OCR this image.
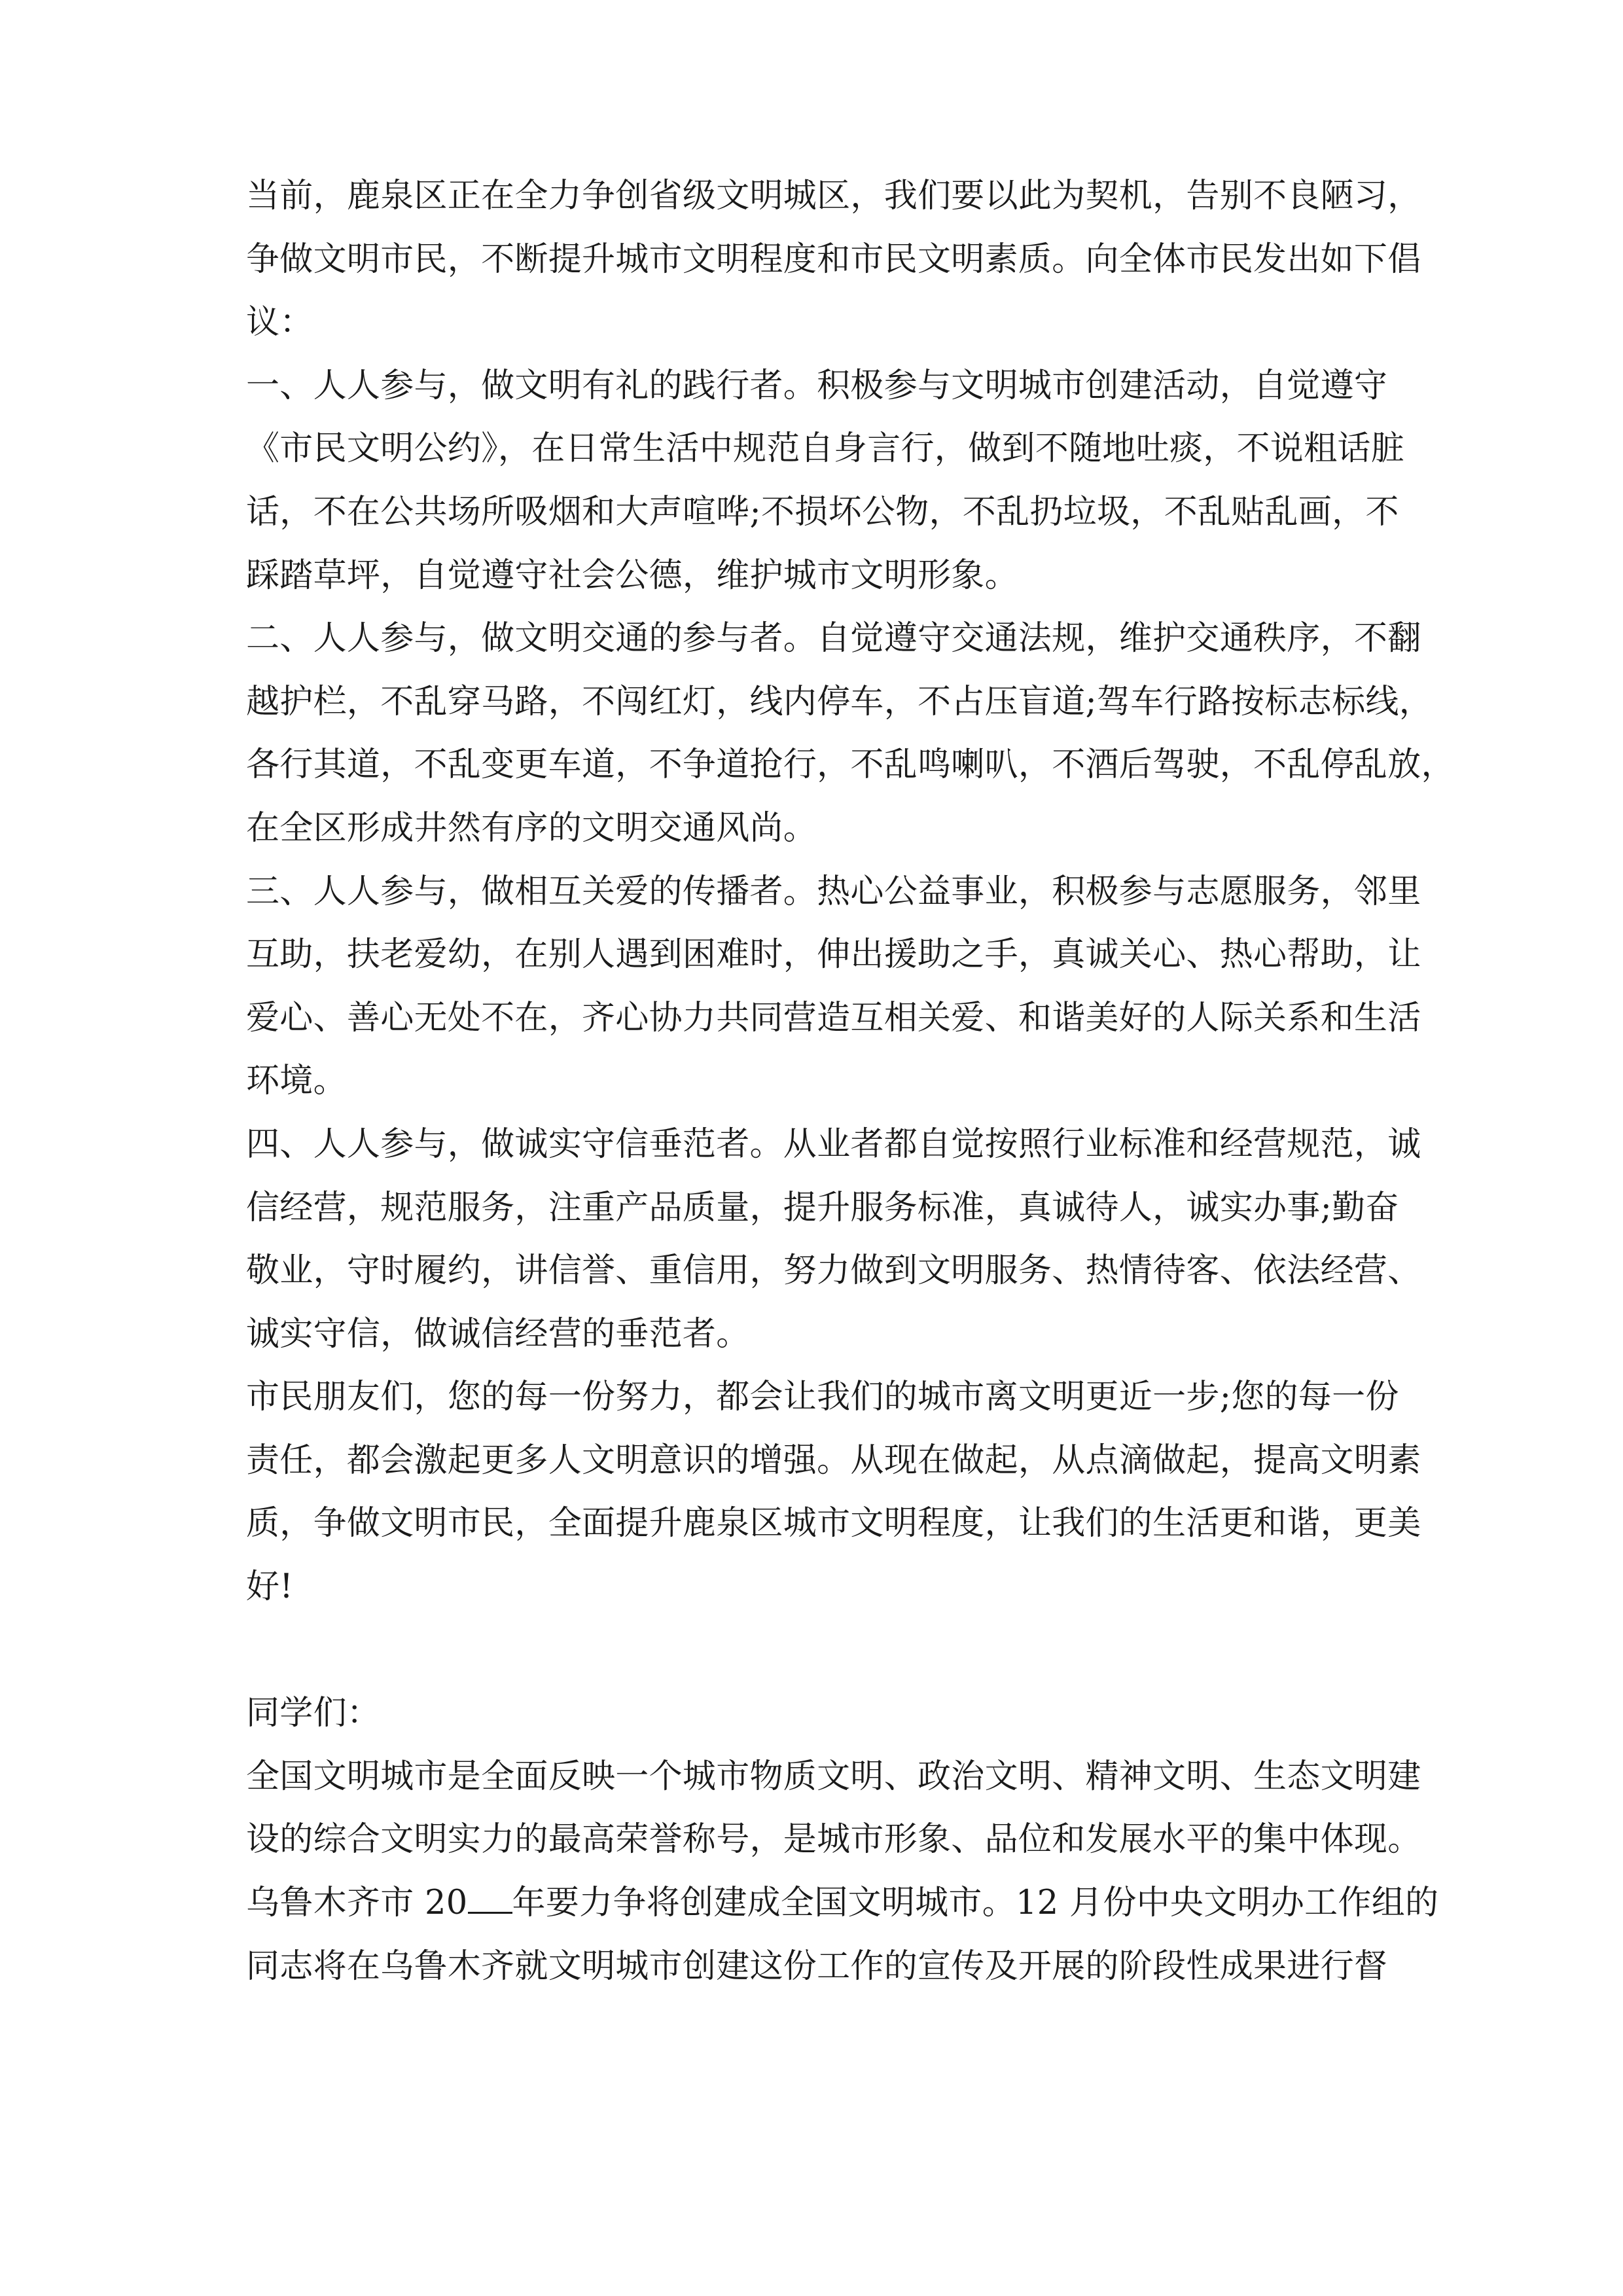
当前，鹿泉区正在全力争创省级文明城区，我们要以此为契机，告别不良陋习，
争做文明市民，不断提升城市文明程度和市民文明素质。向全体市民发出如下倡
议：
一、人人参与，做文明有礼的践行者。积极参与文明城市创建活动，自觉遵守
《市民文明公约》，在日常生活中规范自身言行，做到不随地吐痰，不说粗话脏
话，不在公共场所吸烟和大声喧哗;不损坏公物，不乱扔垃圾，不乱贴乱画，不
踩踏草坪，自觉遵守社会公德，维护城市文明形象。
二、人人参与，做文明交通的参与者。自觉遵守交通法规，维护交通秩序，不翻
越护栏，不乱穿马路，不闯红灯，线内停车，不占压盲道;驾车行路按标志标线，
各行其道，不乱变更车道，不争道抢行，不乱鸣喇叭，不酒后驾驶，不乱停乱放，
在全区形成井然有序的文明交通风尚。
三、人人参与，做相互关爱的传播者。热心公益事业，积极参与志愿服务，邻里
互助，扶老爱幼，在别人遇到困难时，伸出援助之手，真诚关心、热心帮助，让
爱心、善心无处不在，齐心协力共同营造互相关爱、和谐美好的人际关系和生活
环境。
四、人人参与，做诚实守信垂范者。从业者都自觉按照行业标准和经营规范，诚
信经营，规范服务，注重产品质量，提升服务标准，真诚待人，诚实办事;勤奋
敬业，守时履约，讲信誉、重信用，努力做到文明服务、热情待客、依法经营、
诚实守信，做诚信经营的垂范者。
市民朋友们，您的每一份努力，都会让我们的城市离文明更近一步;您的每一份
责任，都会激起更多人文明意识的增强。从现在做起，从点滴做起，提高文明素
质，争做文明市民，全面提升鹿泉区城市文明程度，让我们的生活更和谐，更美
好!
同学们：
全国文明城市是全面反映一个城市物质文明、政治文明、精神文明、生态文明建
设的综合文明实力的最高荣誉称号，是城市形象、品位和发展水平的集中体现。
乌鲁木齐市 20 年要力争将创建成全国文明城市。12 月份中央文明办工作组的
同志将在乌鲁木齐就文明城市创建这份工作的宣传及开展的阶段性成果进行督
